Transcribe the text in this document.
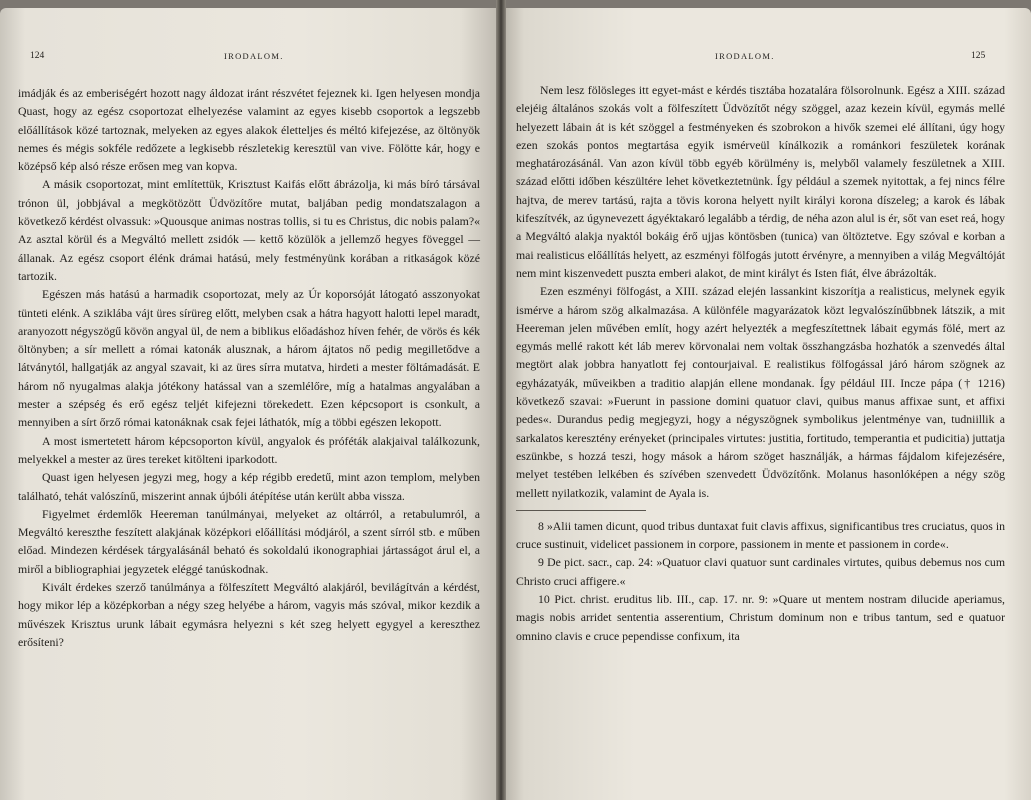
124	IRODALOM.

imádják és az emberiségért hozott nagy áldozat iránt részvétet fejeznek ki. Igen helyesen mondja Quast, hogy az egész csoportozat elhelyezése valamint az egyes kisebb csoportok a legszebb előállítások közé tartoznak, melyeken az egyes alakok életteljes és méltó kifejezése, az öltönyök nemes és mégis sokféle redőzete a legkisebb részletekig keresztül van vive. Fölötte kár, hogy e középső kép alsó része erősen meg van kopva.

A másik csoportozat, mint említettük, Krisztust Kaifás előtt ábrázolja, ki más bíró társával trónon ül, jobbjával a megkötözött Üdvözítőre mutat, baljában pedig mondatszalagon a következő kérdést olvassuk: »Quousque animas nostras tollis, si tu es Christus, dic nobis palam?« Az asztal körül és a Megváltó mellett zsidók — kettő közülök a jellemző hegyes föveggel — állanak. Az egész csoport élénk drámai hatású, mely festményünk korában a ritkaságok közé tartozik.

Egészen más hatású a harmadik csoportozat, mely az Úr koporsóját látogató asszonyokat tünteti elénk. A sziklába vájt üres sírüreg előtt, melyben csak a hátra hagyott halotti lepel maradt, aranyozott négyszögű kövön angyal ül, de nem a biblikus előadáshoz híven fehér, de vörös és kék öltönyben; a sír mellett a római katonák alusznak, a három ájtatos nő pedig megilletődve a látványtól, hallgatják az angyal szavait, ki az üres sírra mutatva, hirdeti a mester föltámadását. E három nő nyugalmas alakja jótékony hatással van a szemlélőre, míg a hatalmas angyalában a mester a szépség és erő egész teljét kifejezni törekedett. Ezen képcsoport is csonkult, a mennyiben a sírt őrző római katonáknak csak fejei láthatók, míg a többi egészen lekopott.

A most ismertetett három képcsoporton kívül, angyalok és próféták alakjaival találkozunk, melyekkel a mester az üres tereket kitölteni iparkodott.

Quast igen helyesen jegyzi meg, hogy a kép régibb eredetű, mint azon templom, melyben található, tehát valószínű, miszerint annak újbóli átépítése után került abba vissza.

Figyelmet érdemlők Heereman tanúlmányai, melyeket az oltárról, a retabulumról, a Megváltó kereszthe feszített alakjának középkori előállítási módjáról, a szent sírról stb. e műben előad. Mindezen kérdések tárgyalásánál beható és sokoldalú ikonographiai jártasságot árul el, a miről a bibliographiai jegyzetek eléggé tanúskodnak.

Kivált érdekes szerző tanúlmánya a fölfeszített Megváltó alakjáról, bevilágítván a kérdést, hogy mikor lép a középkorban a négy szeg helyébe a három, vagyis más szóval, mikor kezdik a művészek Krisztus urunk lábait egymásra helyezni s két szeg helyett egygyel a kereszthez erősíteni?

IRODALOM.	125

Nem lesz fölösleges itt egyet-mást e kérdés tisztába hozatalára fölsorolnunk. Egész a XIII. század elejéig általános szokás volt a fölfeszített Üdvözítőt négy szöggel, azaz kezein kívül, egymás mellé helyezett lábain át is két szöggel a festményeken és szobrokon a hivők szemei elé állítani, úgy hogy ezen szokás pontos megtartása egyik ismérveül kínálkozik a románkori feszületek korának meghatározásánál. Van azon kívül több egyéb körülmény is, melyből valamely feszületnek a XIII. század előtti időben készültére lehet következtetnünk. Így például a szemek nyitottak, a fej nincs félre hajtva, de merev tartású, rajta a tövis korona helyett nyilt királyi korona díszeleg; a karok és lábak kifeszítvék, az úgynevezett ágyéktakaró legalább a térdig, de néha azon alul is ér, sőt van eset reá, hogy a Megváltó alakja nyaktól bokáig érő ujjas köntösben (tunica) van öltöztetve. Egy szóval e korban a mai realisticus előállítás helyett, az eszményi fölfogás jutott érvényre, a mennyiben a világ Megváltóját nem mint kiszenvedett puszta emberi alakot, de mint királyt és Isten fiát, élve ábrázolták.

Ezen eszményi fölfogást, a XIII. század elején lassankint kiszorítja a realisticus, melynek egyik ismérve a három szög alkalmazása. A különféle magyarázatok közt legvalószínűbbnek látszik, a mit Heereman jelen művében említ, hogy azért helyezték a megfeszítettnek lábait egymás fölé, mert az egymás mellé rakott két láb merev körvonalai nem voltak összhangzásba hozhatók a szenvedés által megtört alak jobbra hanyatlott fej contourjaival. E realistikus fölfogással járó három szögnek az egyházatyák, műveikben a traditio alapján ellene mondanak. Így például III. Incze pápa († 1216) következő szavai: »Fuerunt in passione domini quatuor clavi, quibus manus affixae sunt, et affixi pedes«. Durandus pedig megjegyzi, hogy a négyszögnek symbolikus jelentménye van, tudniillik a sarkalatos keresztény erényeket (principales virtutes: justitia, fortitudo, temperantia et pudicitia) juttatja eszünkbe, s hozzá teszi, hogy mások a három szöget használják, a hármas fájdalom kifejezésére, melyet testében lelkében és szívében szenvedett Üdvözítőnk. Molanus hasonlóképen a négy szög mellett nyilatkozik, valamint de Ayala is.

8 »Alii tamen dicunt, quod tribus duntaxat fuit clavis affixus, significantibus tres cruciatus, quos in cruce sustinuit, videlicet passionem in corpore, passionem in mente et passionem in corde«.

9 De pict. sacr., cap. 24: »Quatuor clavi quatuor sunt cardinales virtutes, quibus debemus nos cum Christo cruci affigere.«

10 Pict. christ. eruditus lib. III., cap. 17. nr. 9: »Quare ut mentem nostram dilucide aperiamus, magis nobis arridet sententia asserentium, Christum dominum non e tribus tantum, sed e quatuor omnino clavis e cruce pependisse confixum, ita
